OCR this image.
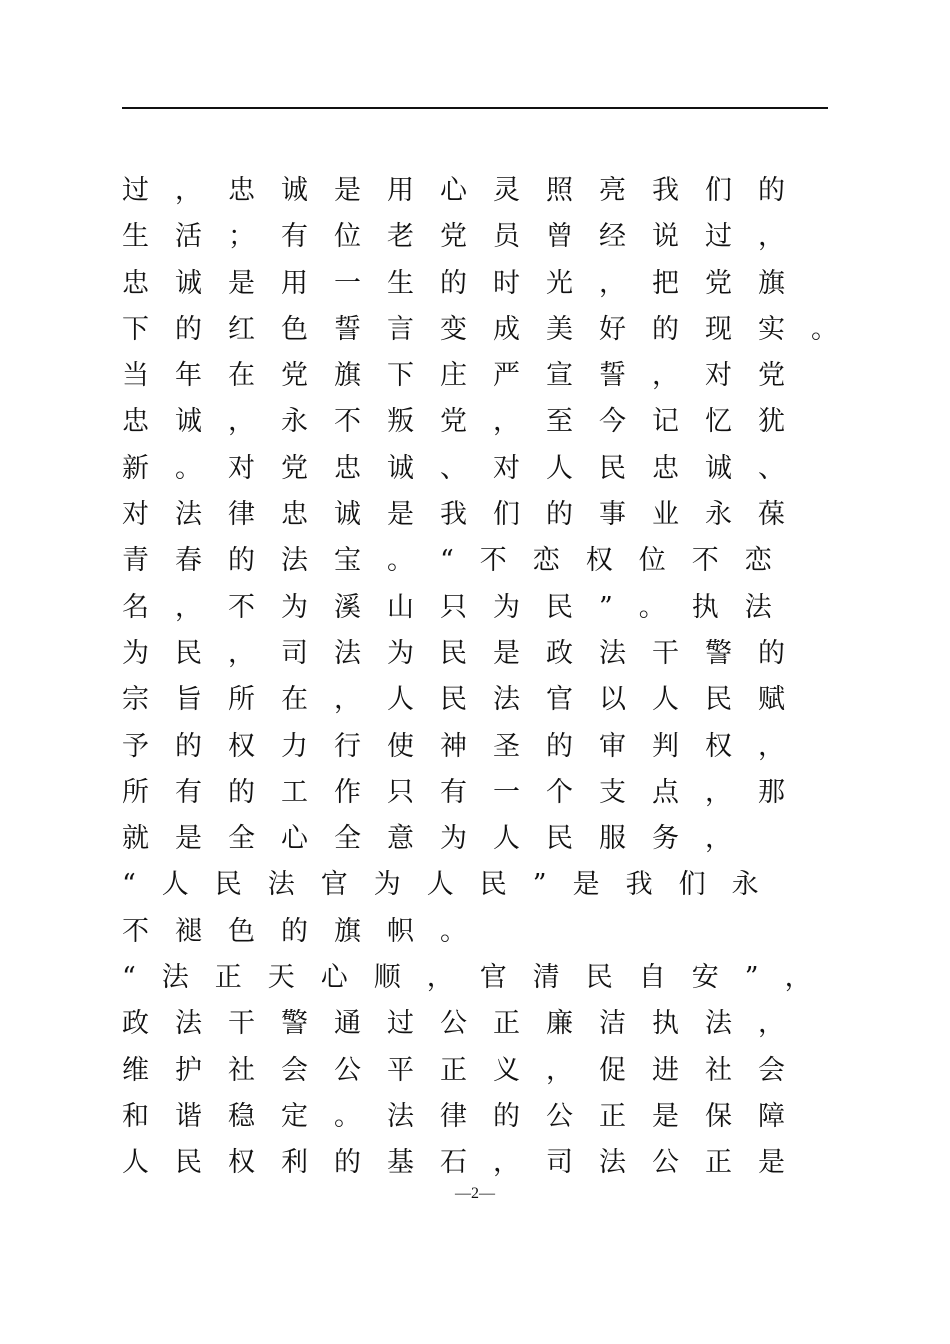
过，忠诚是用心灵照亮我们的
生活；有位老党员曾经说过，
忠诚是用一生的时光，把党旗
下的红色誓言变成美好的现实。
当年在党旗下庄严宣誓，对党
忠诚，永不叛党，至今记忆犹
新。对党忠诚、对人民忠诚、
对法律忠诚是我们的事业永葆
青春的法宝。“不恋权位不恋
名，不为溪山只为民”。执法
为民，司法为民是政法干警的
宗旨所在，人民法官以人民赋
予的权力行使神圣的审判权，
所有的工作只有一个支点，那
就是全心全意为人民服务，
“人民法官为人民”是我们永
不褪色的旗帜。
“法正天心顺，官清民自安”，
政法干警通过公正廉洁执法，
维护社会公平正义，促进社会
和谐稳定。法律的公正是保障
人民权利的基石，司法公正是
—2—
